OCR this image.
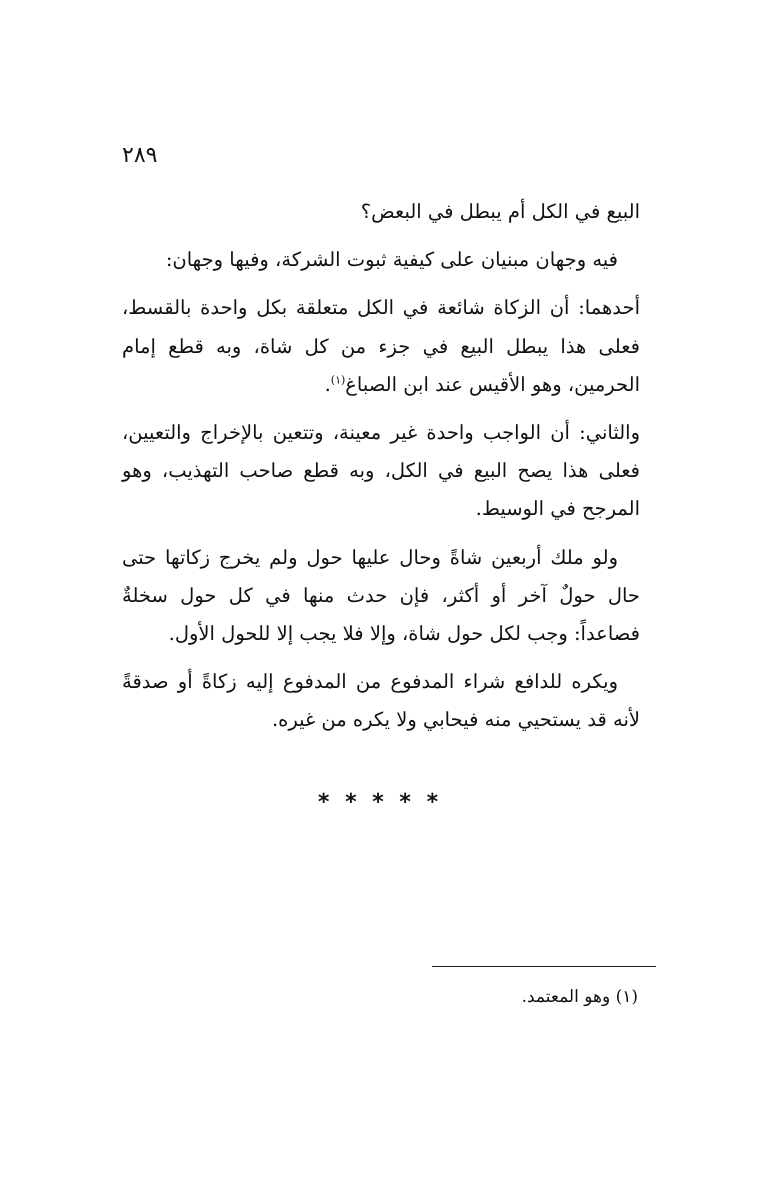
٢٨٩

البيع في الكل أم يبطل في البعض؟

فيه وجهان مبنيان على كيفية ثبوت الشركة، وفيها وجهان:

أحدهما: أن الزكاة شائعة في الكل متعلقة بكل واحدة بالقسط، فعلى هذا يبطل البيع في جزء من كل شاة، وبه قطع إمام الحرمين، وهو الأقيس عند ابن الصباغ$^{(١)}$.

والثاني: أن الواجب واحدة غير معينة، وتتعين بالإخراج والتعيين، فعلى هذا يصح البيع في الكل، وبه قطع صاحب التهذيب، وهو المرجح في الوسيط.

ولو ملك أربعين شاةً وحال عليها حول ولم يخرج زكاتها حتى حال حولٌ آخر أو أكثر، فإن حدث منها في كل حول سخلةٌ فصاعداً: وجب لكل حول شاة، وإلا فلا يجب إلا للحول الأول.

ويكره للدافع شراء المدفوع من المدفوع إليه زكاةً أو صدقةً لأنه قد يستحيي منه فيحابي ولا يكره من غيره.

* * * * *
(١) وهو المعتمد.
